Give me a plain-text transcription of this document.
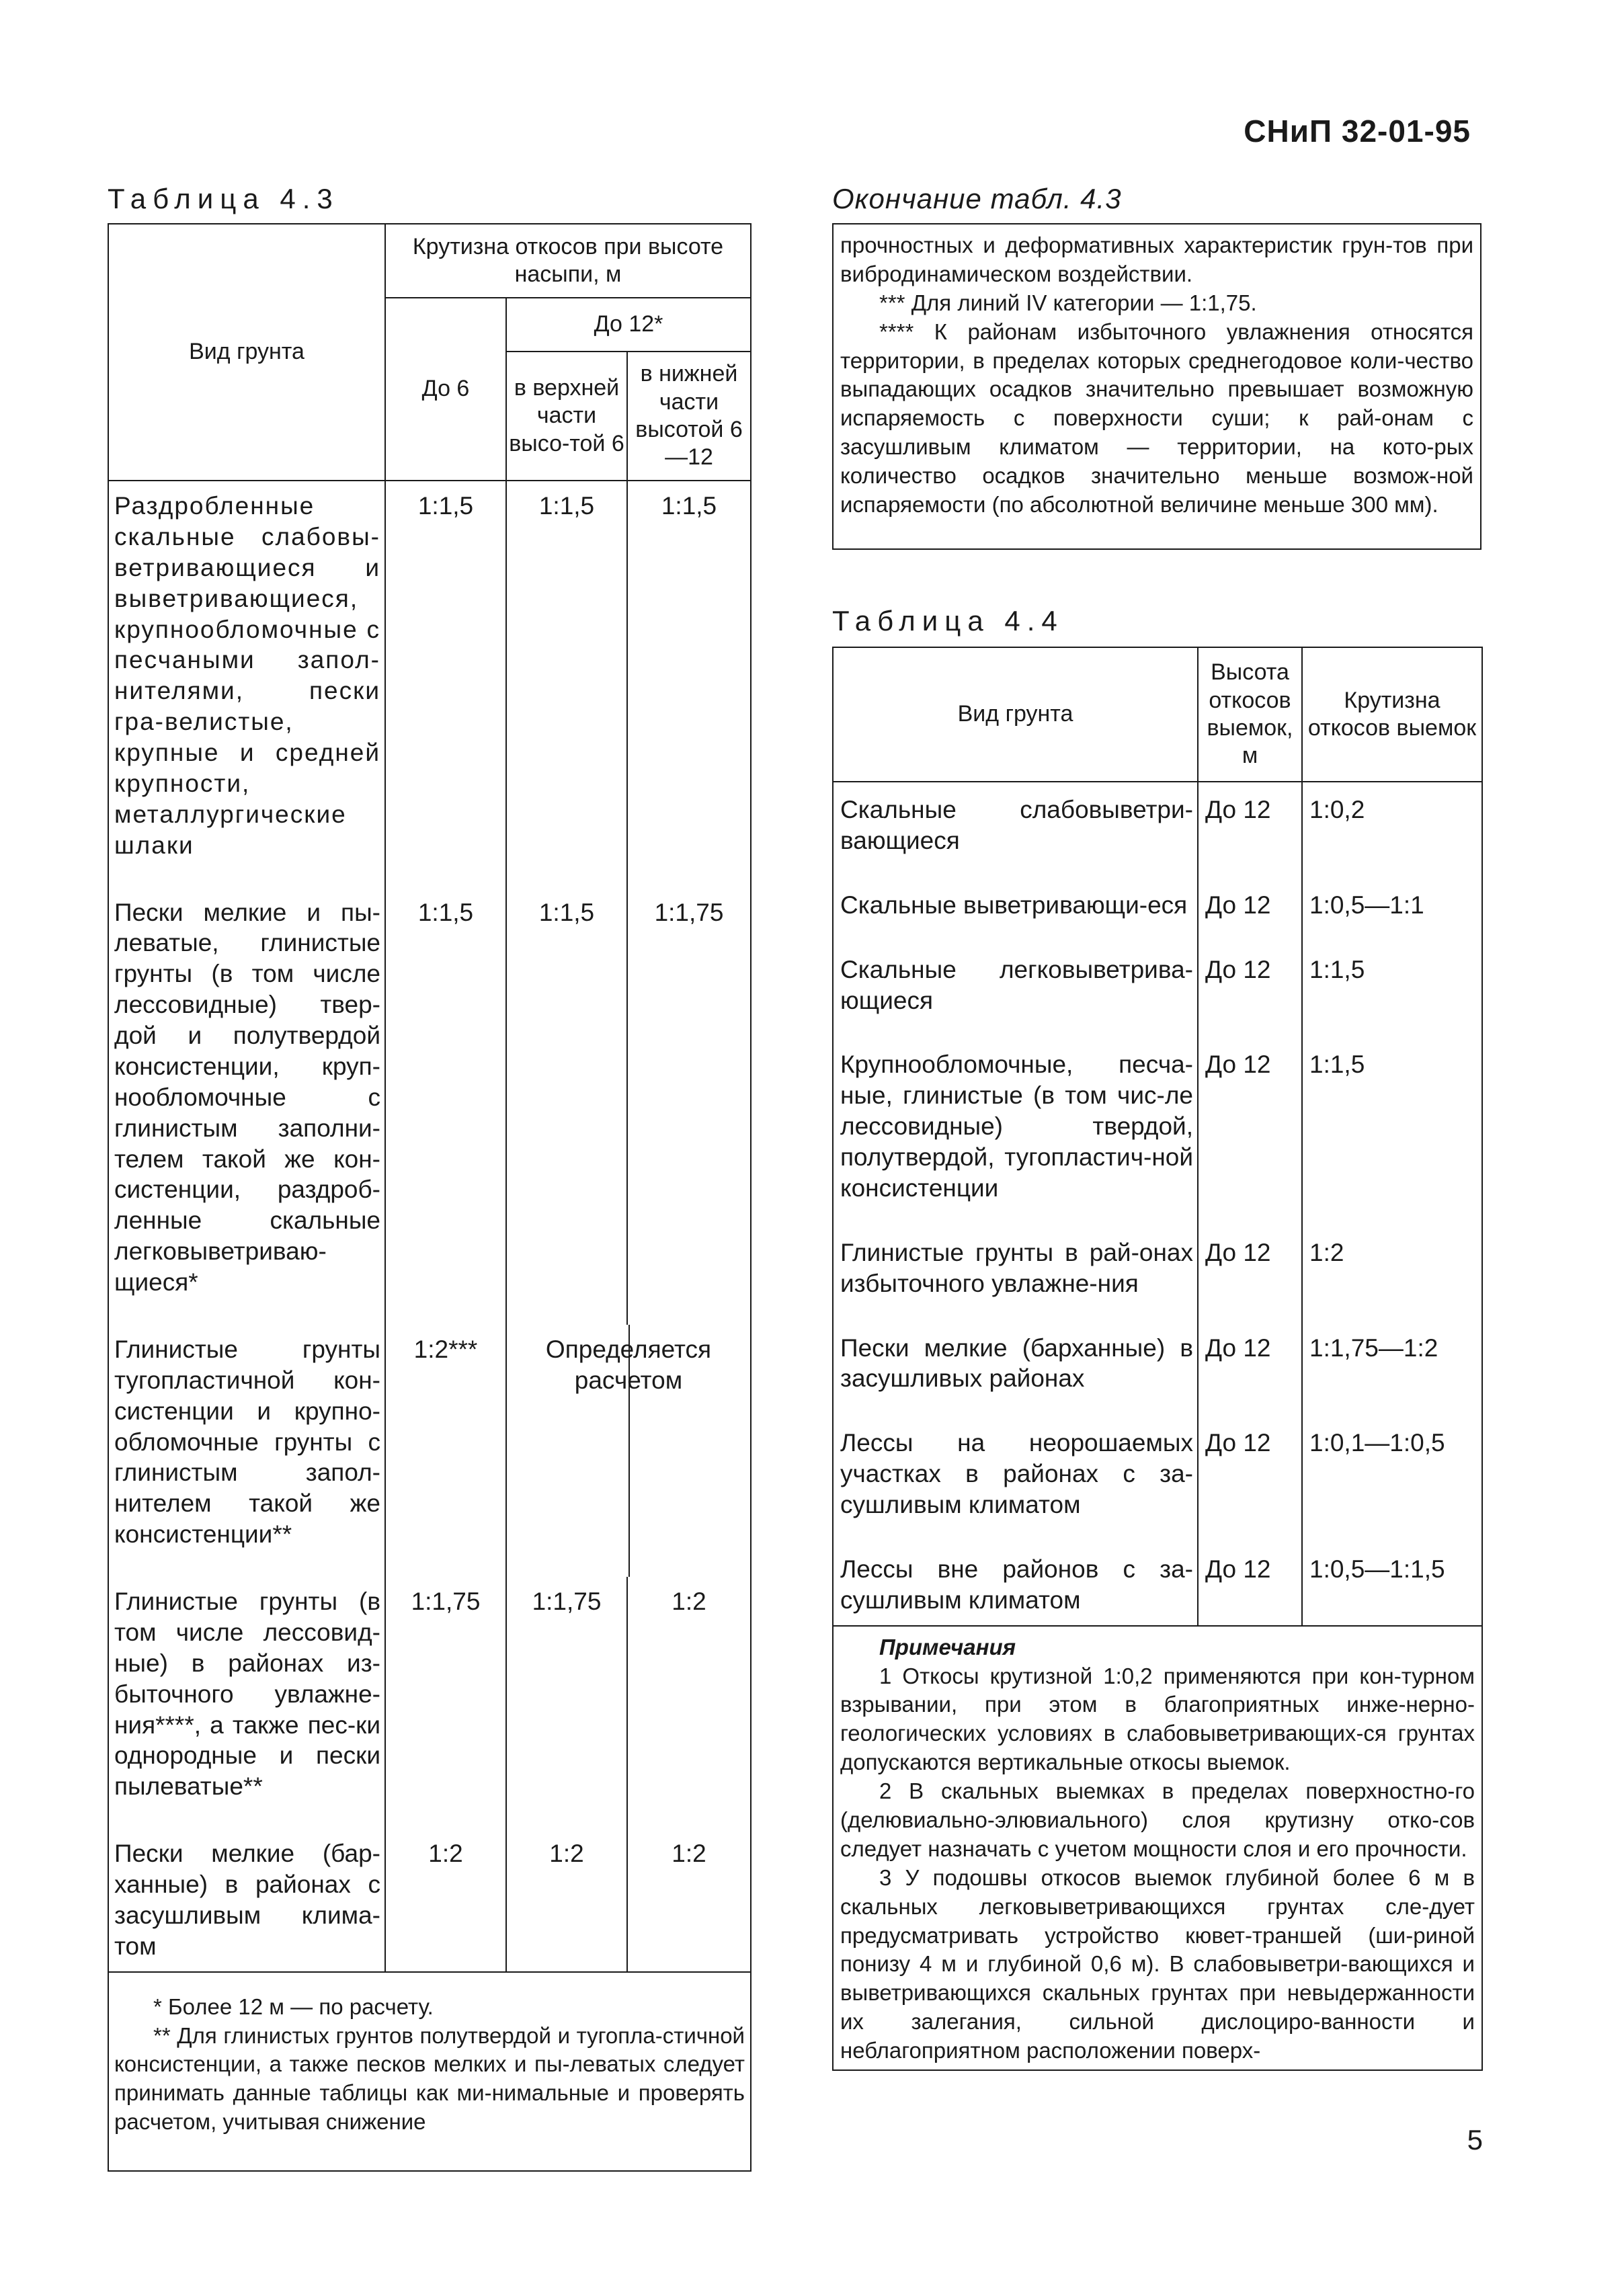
СНиП 32-01-95
Таблица 4.3
Вид грунта	Крутизна откосов при высоте насыпи, м		
	До 6	До 12*	
		в верхней части высо-той 6	в нижней части высотой 6—12
Раздробленные скальные слабовы-ветривающиеся и выветривающиеся, крупнообломочные с песчаными запол-нителями, пески гра-велистые, крупные и средней крупности, металлургические шлаки	1:1,5	1:1,5	1:1,5
Пески мелкие и пы-леватые, глинистые грунты (в том числе лессовидные) твер-дой и полутвердой консистенции, круп-нообломочные с глинистым заполни-телем такой же кон-систенции, раздроб-ленные скальные легковыветриваю-щиеся*	1:1,5	1:1,5	1:1,75
Глинистые грунты тугопластичной кон-систенции и крупно-обломочные грунты с глинистым запол-нителем такой же консистенции**	1:2***	Определяется расчетом	

Глинистые грунты (в том числе лессовид-ные) в районах из-быточного увлажне-ния****, а также пес-ки однородные и пески пылеватые**	1:1,75	1:1,75	1:2
Пески мелкие (бар-ханные) в районах с засушливым клима-том	1:2	1:2	1:2

* Более 12 м — по расчету.

** Для глинистых грунтов полутвердой и тугопла-стичной консистенции, а также песков мелких и пы-леватых следует принимать данные таблицы как ми-нимальные и проверять расчетом, учитывая снижение			

Окончание табл. 4.3

прочностных и деформативных характеристик грун-тов при вибродинамическом воздействии.

*** Для линий IV категории — 1:1,75.

**** К районам избыточного увлажнения относятся территории, в пределах которых среднегодовое коли-чество выпадающих осадков значительно превышает возможную испаряемость с поверхности суши; к рай-онам с засушливым климатом — территории, на кото-рых количество осадков значительно меньше возмож-ной испаряемости (по абсолютной величине меньше 300 мм).

Таблица 4.4
Вид грунта	Высота откосов выемок, м	Крутизна откосов выемок
Скальные слабовыветри-вающиеся	До 12	1:0,2
Скальные выветривающи-еся	До 12	1:0,5—1:1
Скальные легковыветрива-ющиеся	До 12	1:1,5
Крупнообломочные, песча-ные, глинистые (в том чис-ле лессовидные) твердой, полутвердой, тугопластич-ной консистенции	До 12	1:1,5
Глинистые грунты в рай-онах избыточного увлажне-ния	До 12	1:2
Пески мелкие (барханные) в засушливых районах	До 12	1:1,75—1:2
Лессы на неорошаемых участках в районах с за-сушливым климатом	До 12	1:0,1—1:0,5
Лессы вне районов с за-сушливым климатом	До 12	1:0,5—1:1,5

Примечания

1 Откосы крутизной 1:0,2 применяются при кон-турном взрывании, при этом в благоприятных инже-нерно-геологических условиях в слабовыветривающих-ся грунтах допускаются вертикальные откосы выемок.

2 В скальных выемках в пределах поверхностно-го (делювиально-элювиального) слоя крутизну отко-сов следует назначать с учетом мощности слоя и его прочности.

3 У подошвы откосов выемок глубиной более 6 м в скальных легковыветривающихся грунтах сле-дует предусматривать устройство кювет-траншей (ши-риной понизу 4 м и глубиной 0,6 м). В слабовыветри-вающихся и выветривающихся скальных грунтах при невыдержанности их залегания, сильной дислоциро-ванности и неблагоприятном расположении поверх-		

5
